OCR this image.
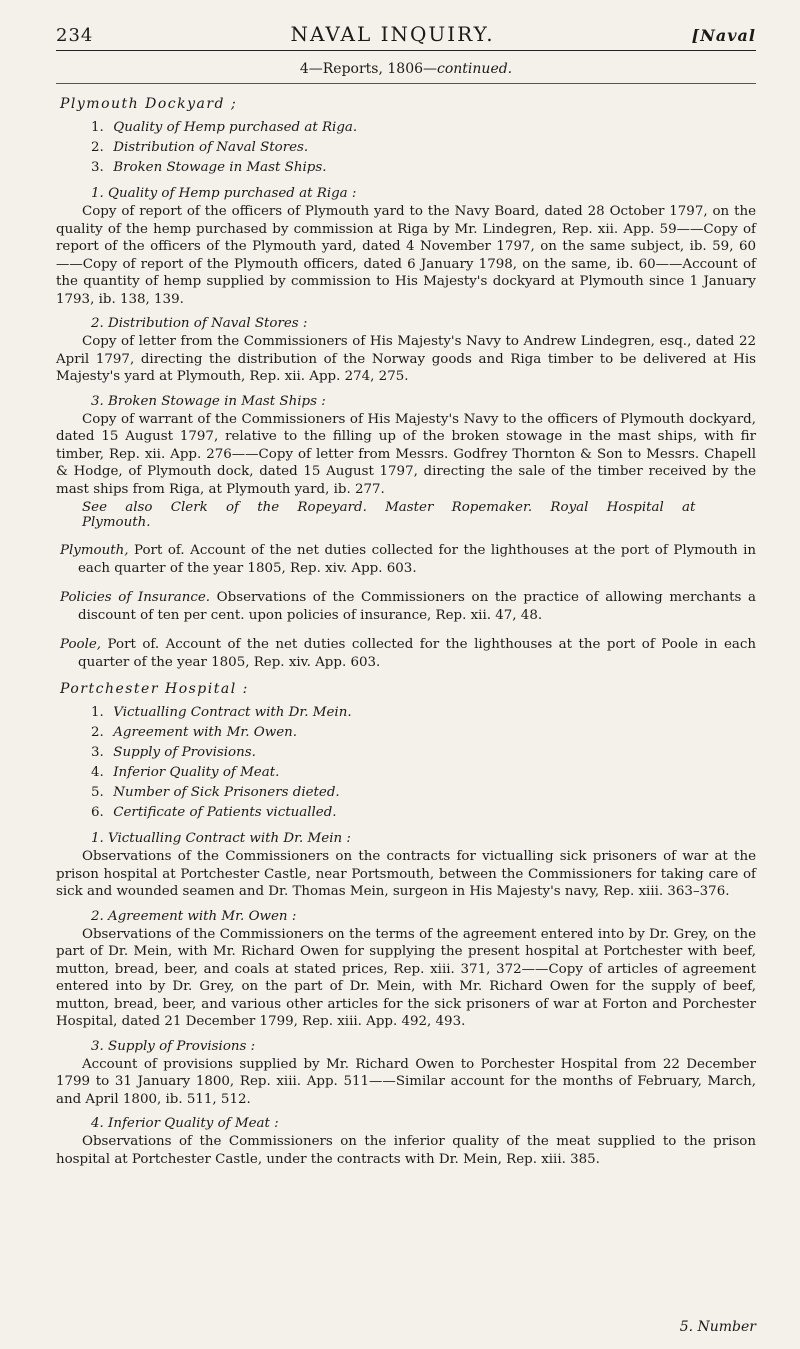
234	NAVAL INQUIRY.	[Naval
4—Reports, 1806—continued.
Plymouth Dockyard ;
1. Quality of Hemp purchased at Riga.
2. Distribution of Naval Stores.
3. Broken Stowage in Mast Ships.
1. Quality of Hemp purchased at Riga :

Copy of report of the officers of Plymouth yard to the Navy Board, dated 28 October 1797, on the quality of the hemp purchased by commission at Riga by Mr. Lindegren, Rep. xii. App. 59——Copy of report of the officers of the Plymouth yard, dated 4 November 1797, on the same subject, ib. 59, 60——Copy of report of the Plymouth officers, dated 6 January 1798, on the same, ib. 60——Account of the quantity of hemp supplied by commission to His Majesty's dockyard at Plymouth since 1 January 1793, ib. 138, 139.

2. Distribution of Naval Stores :

Copy of letter from the Commissioners of His Majesty's Navy to Andrew Lindegren, esq., dated 22 April 1797, directing the distribution of the Norway goods and Riga timber to be delivered at His Majesty's yard at Plymouth, Rep. xii. App. 274, 275.

3. Broken Stowage in Mast Ships :

Copy of warrant of the Commissioners of His Majesty's Navy to the officers of Plymouth dockyard, dated 15 August 1797, relative to the filling up of the broken stowage in the mast ships, with fir timber, Rep. xii. App. 276——Copy of letter from Messrs. Godfrey Thornton & Son to Messrs. Chapell & Hodge, of Plymouth dock, dated 15 August 1797, directing the sale of the timber received by the mast ships from Riga, at Plymouth yard, ib. 277.

See also Clerk of the Ropeyard. Master Ropemaker. Royal Hospital at Plymouth.
Plymouth, Port of. Account of the net duties collected for the lighthouses at the port of Plymouth in each quarter of the year 1805, Rep. xiv. App. 603.
Policies of Insurance. Observations of the Commissioners on the practice of allowing merchants a discount of ten per cent. upon policies of insurance, Rep. xii. 47, 48.
Poole, Port of. Account of the net duties collected for the lighthouses at the port of Poole in each quarter of the year 1805, Rep. xiv. App. 603.
Portchester Hospital :
1. Victualling Contract with Dr. Mein.
2. Agreement with Mr. Owen.
3. Supply of Provisions.
4. Inferior Quality of Meat.
5. Number of Sick Prisoners dieted.
6. Certificate of Patients victualled.
1. Victualling Contract with Dr. Mein :

Observations of the Commissioners on the contracts for victualling sick prisoners of war at the prison hospital at Portchester Castle, near Portsmouth, between the Commissioners for taking care of sick and wounded seamen and Dr. Thomas Mein, surgeon in His Majesty's navy, Rep. xiii. 363–376.

2. Agreement with Mr. Owen :

Observations of the Commissioners on the terms of the agreement entered into by Dr. Grey, on the part of Dr. Mein, with Mr. Richard Owen for supplying the present hospital at Portchester with beef, mutton, bread, beer, and coals at stated prices, Rep. xiii. 371, 372——Copy of articles of agreement entered into by Dr. Grey, on the part of Dr. Mein, with Mr. Richard Owen for the supply of beef, mutton, bread, beer, and various other articles for the sick prisoners of war at Forton and Porchester Hospital, dated 21 December 1799, Rep. xiii. App. 492, 493.

3. Supply of Provisions :

Account of provisions supplied by Mr. Richard Owen to Porchester Hospital from 22 December 1799 to 31 January 1800, Rep. xiii. App. 511——Similar account for the months of February, March, and April 1800, ib. 511, 512.

4. Inferior Quality of Meat :

Observations of the Commissioners on the inferior quality of the meat supplied to the prison hospital at Portchester Castle, under the contracts with Dr. Mein, Rep. xiii. 385.

5. Number
